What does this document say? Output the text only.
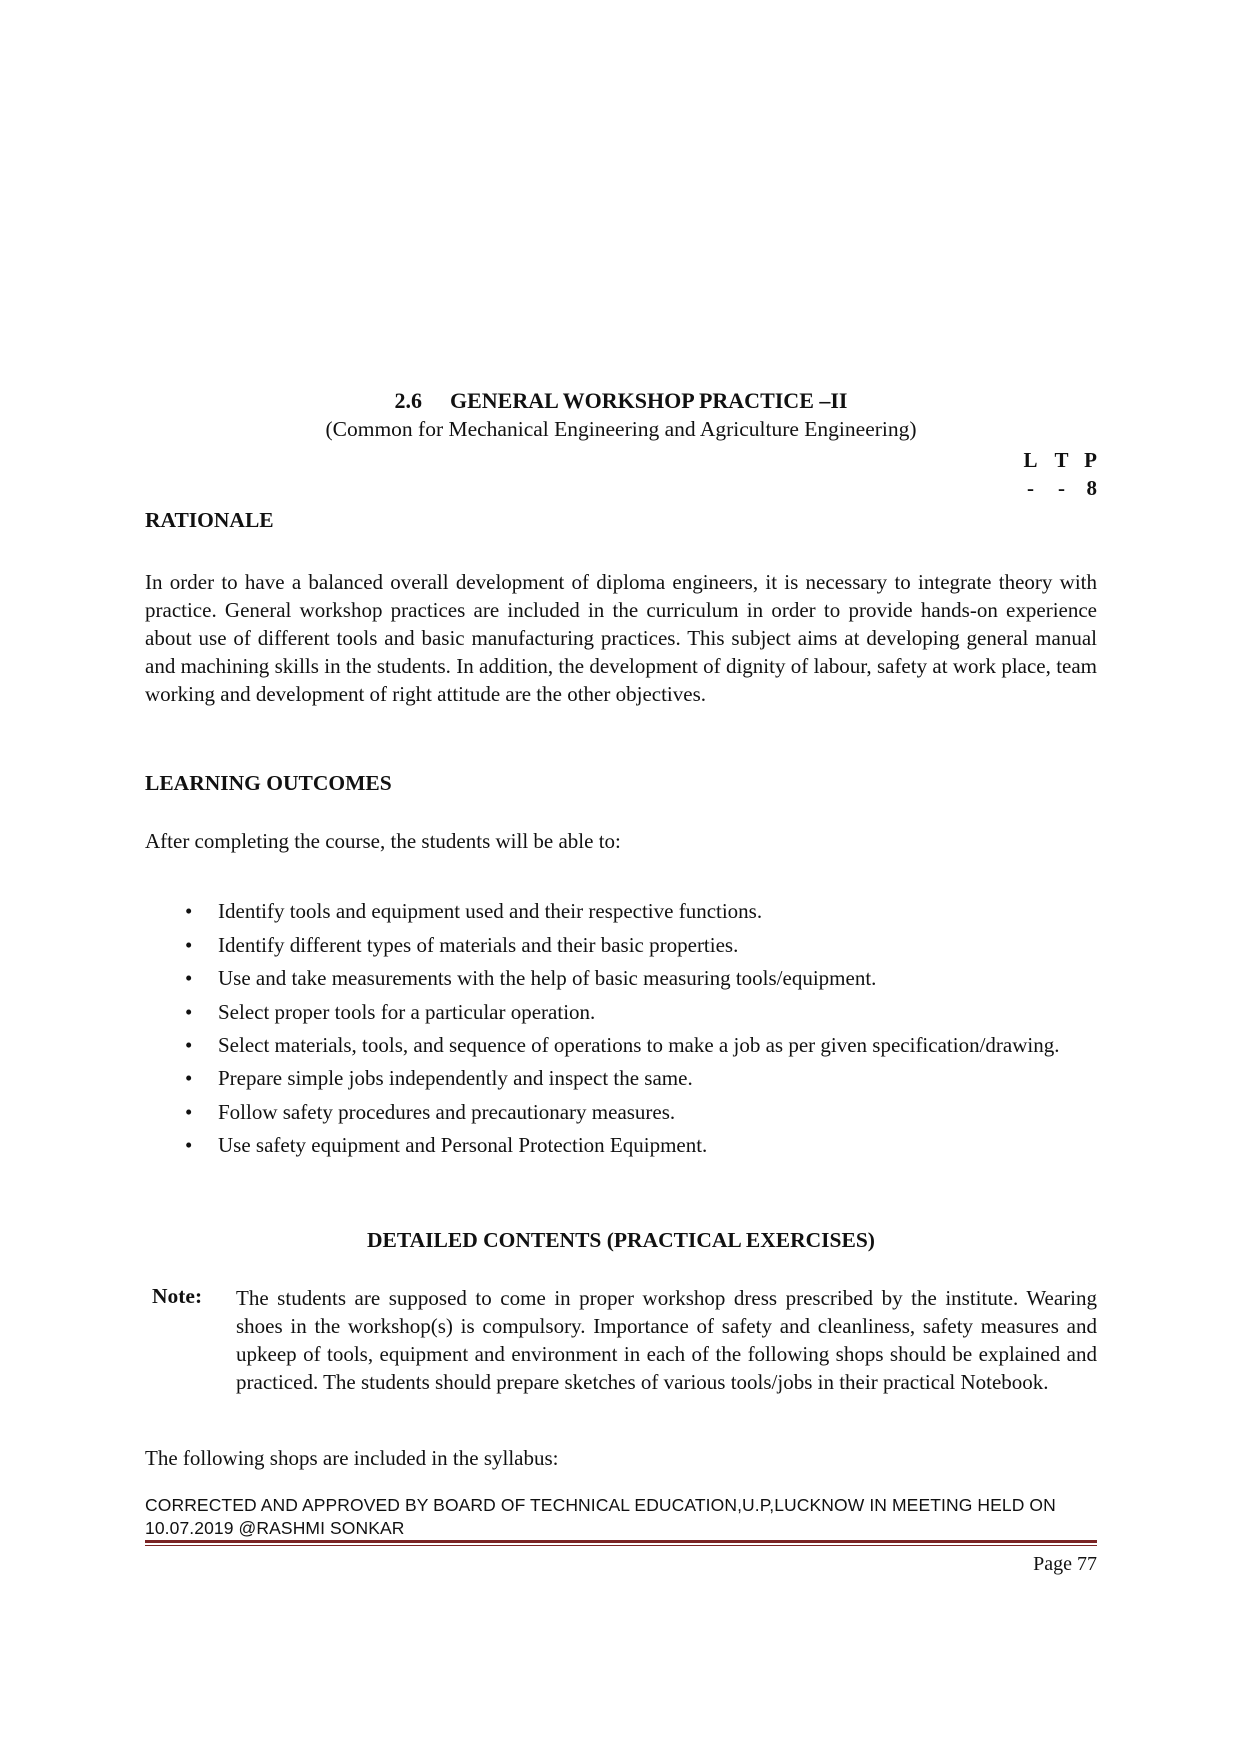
2.6 GENERAL WORKSHOP PRACTICE –II
(Common for Mechanical Engineering and Agriculture Engineering)
L T P
- - 8
RATIONALE

In order to have a balanced overall development of diploma engineers, it is necessary to integrate theory with practice. General workshop practices are included in the curriculum in order to provide hands-on experience about use of different tools and basic manufacturing practices. This subject aims at developing general manual and machining skills in the students. In addition, the development of dignity of labour, safety at work place, team working and development of right attitude are the other objectives.

LEARNING OUTCOMES
After completing the course, the students will be able to:
• Identify tools and equipment used and their respective functions.
• Identify different types of materials and their basic properties.
• Use and take measurements with the help of basic measuring tools/equipment.
• Select proper tools for a particular operation.
• Select materials, tools, and sequence of operations to make a job as per given specification/drawing.
• Prepare simple jobs independently and inspect the same.
• Follow safety procedures and precautionary measures.
• Use safety equipment and Personal Protection Equipment.
DETAILED CONTENTS (PRACTICAL EXERCISES)
Note: The students are supposed to come in proper workshop dress prescribed by the institute. Wearing shoes in the workshop(s) is compulsory. Importance of safety and cleanliness, safety measures and upkeep of tools, equipment and environment in each of the following shops should be explained and practiced. The students should prepare sketches of various tools/jobs in their practical Notebook.

The following shops are included in the syllabus:
CORRECTED AND APPROVED BY BOARD OF TECHNICAL EDUCATION,U.P,LUCKNOW IN MEETING HELD ON
10.07.2019 @RASHMI SONKAR
Page 77
